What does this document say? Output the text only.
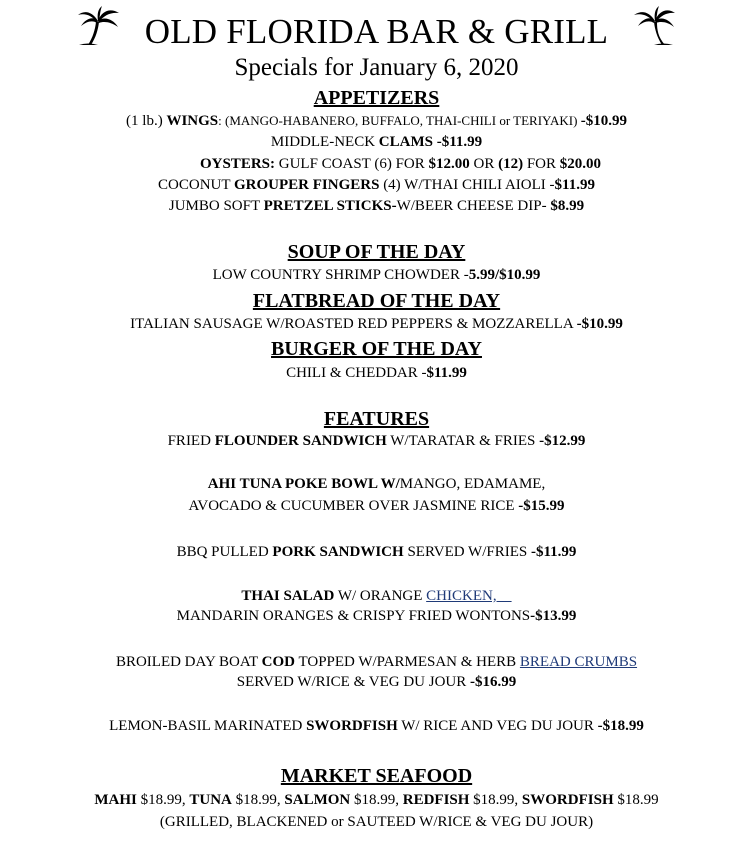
OLD FLORIDA BAR & GRILL
Specials for January 6, 2020
APPETIZERS
(1 lb.) WINGS: (MANGO-HABANERO, BUFFALO, THAI-CHILI or TERIYAKI) -$10.99
MIDDLE-NECK CLAMS -$11.99
OYSTERS: GULF COAST (6) FOR $12.00 OR (12) FOR $20.00
COCONUT GROUPER FINGERS (4) W/THAI CHILI AIOLI -$11.99
JUMBO SOFT PRETZEL STICKS-W/BEER CHEESE DIP- $8.99
SOUP OF THE DAY
LOW COUNTRY SHRIMP CHOWDER -5.99/$10.99
FLATBREAD OF THE DAY
ITALIAN SAUSAGE W/ROASTED RED PEPPERS & MOZZARELLA -$10.99
BURGER OF THE DAY
CHILI & CHEDDAR -$11.99
FEATURES
FRIED FLOUNDER SANDWICH W/TARATAR & FRIES -$12.99
AHI TUNA POKE BOWL W/MANGO, EDAMAME,
AVOCADO & CUCUMBER OVER JASMINE RICE -$15.99
BBQ PULLED PORK SANDWICH SERVED W/FRIES -$11.99
THAI SALAD W/ ORANGE CHICKEN,
MANDARIN ORANGES & CRISPY FRIED WONTONS-$13.99
BROILED DAY BOAT COD TOPPED W/PARMESAN & HERB BREAD CRUMBS
SERVED W/RICE & VEG DU JOUR -$16.99
LEMON-BASIL MARINATED SWORDFISH W/ RICE AND VEG DU JOUR -$18.99
MARKET SEAFOOD
MAHI $18.99, TUNA $18.99, SALMON $18.99, REDFISH $18.99, SWORDFISH $18.99
(GRILLED, BLACKENED or SAUTEED W/RICE & VEG DU JOUR)
